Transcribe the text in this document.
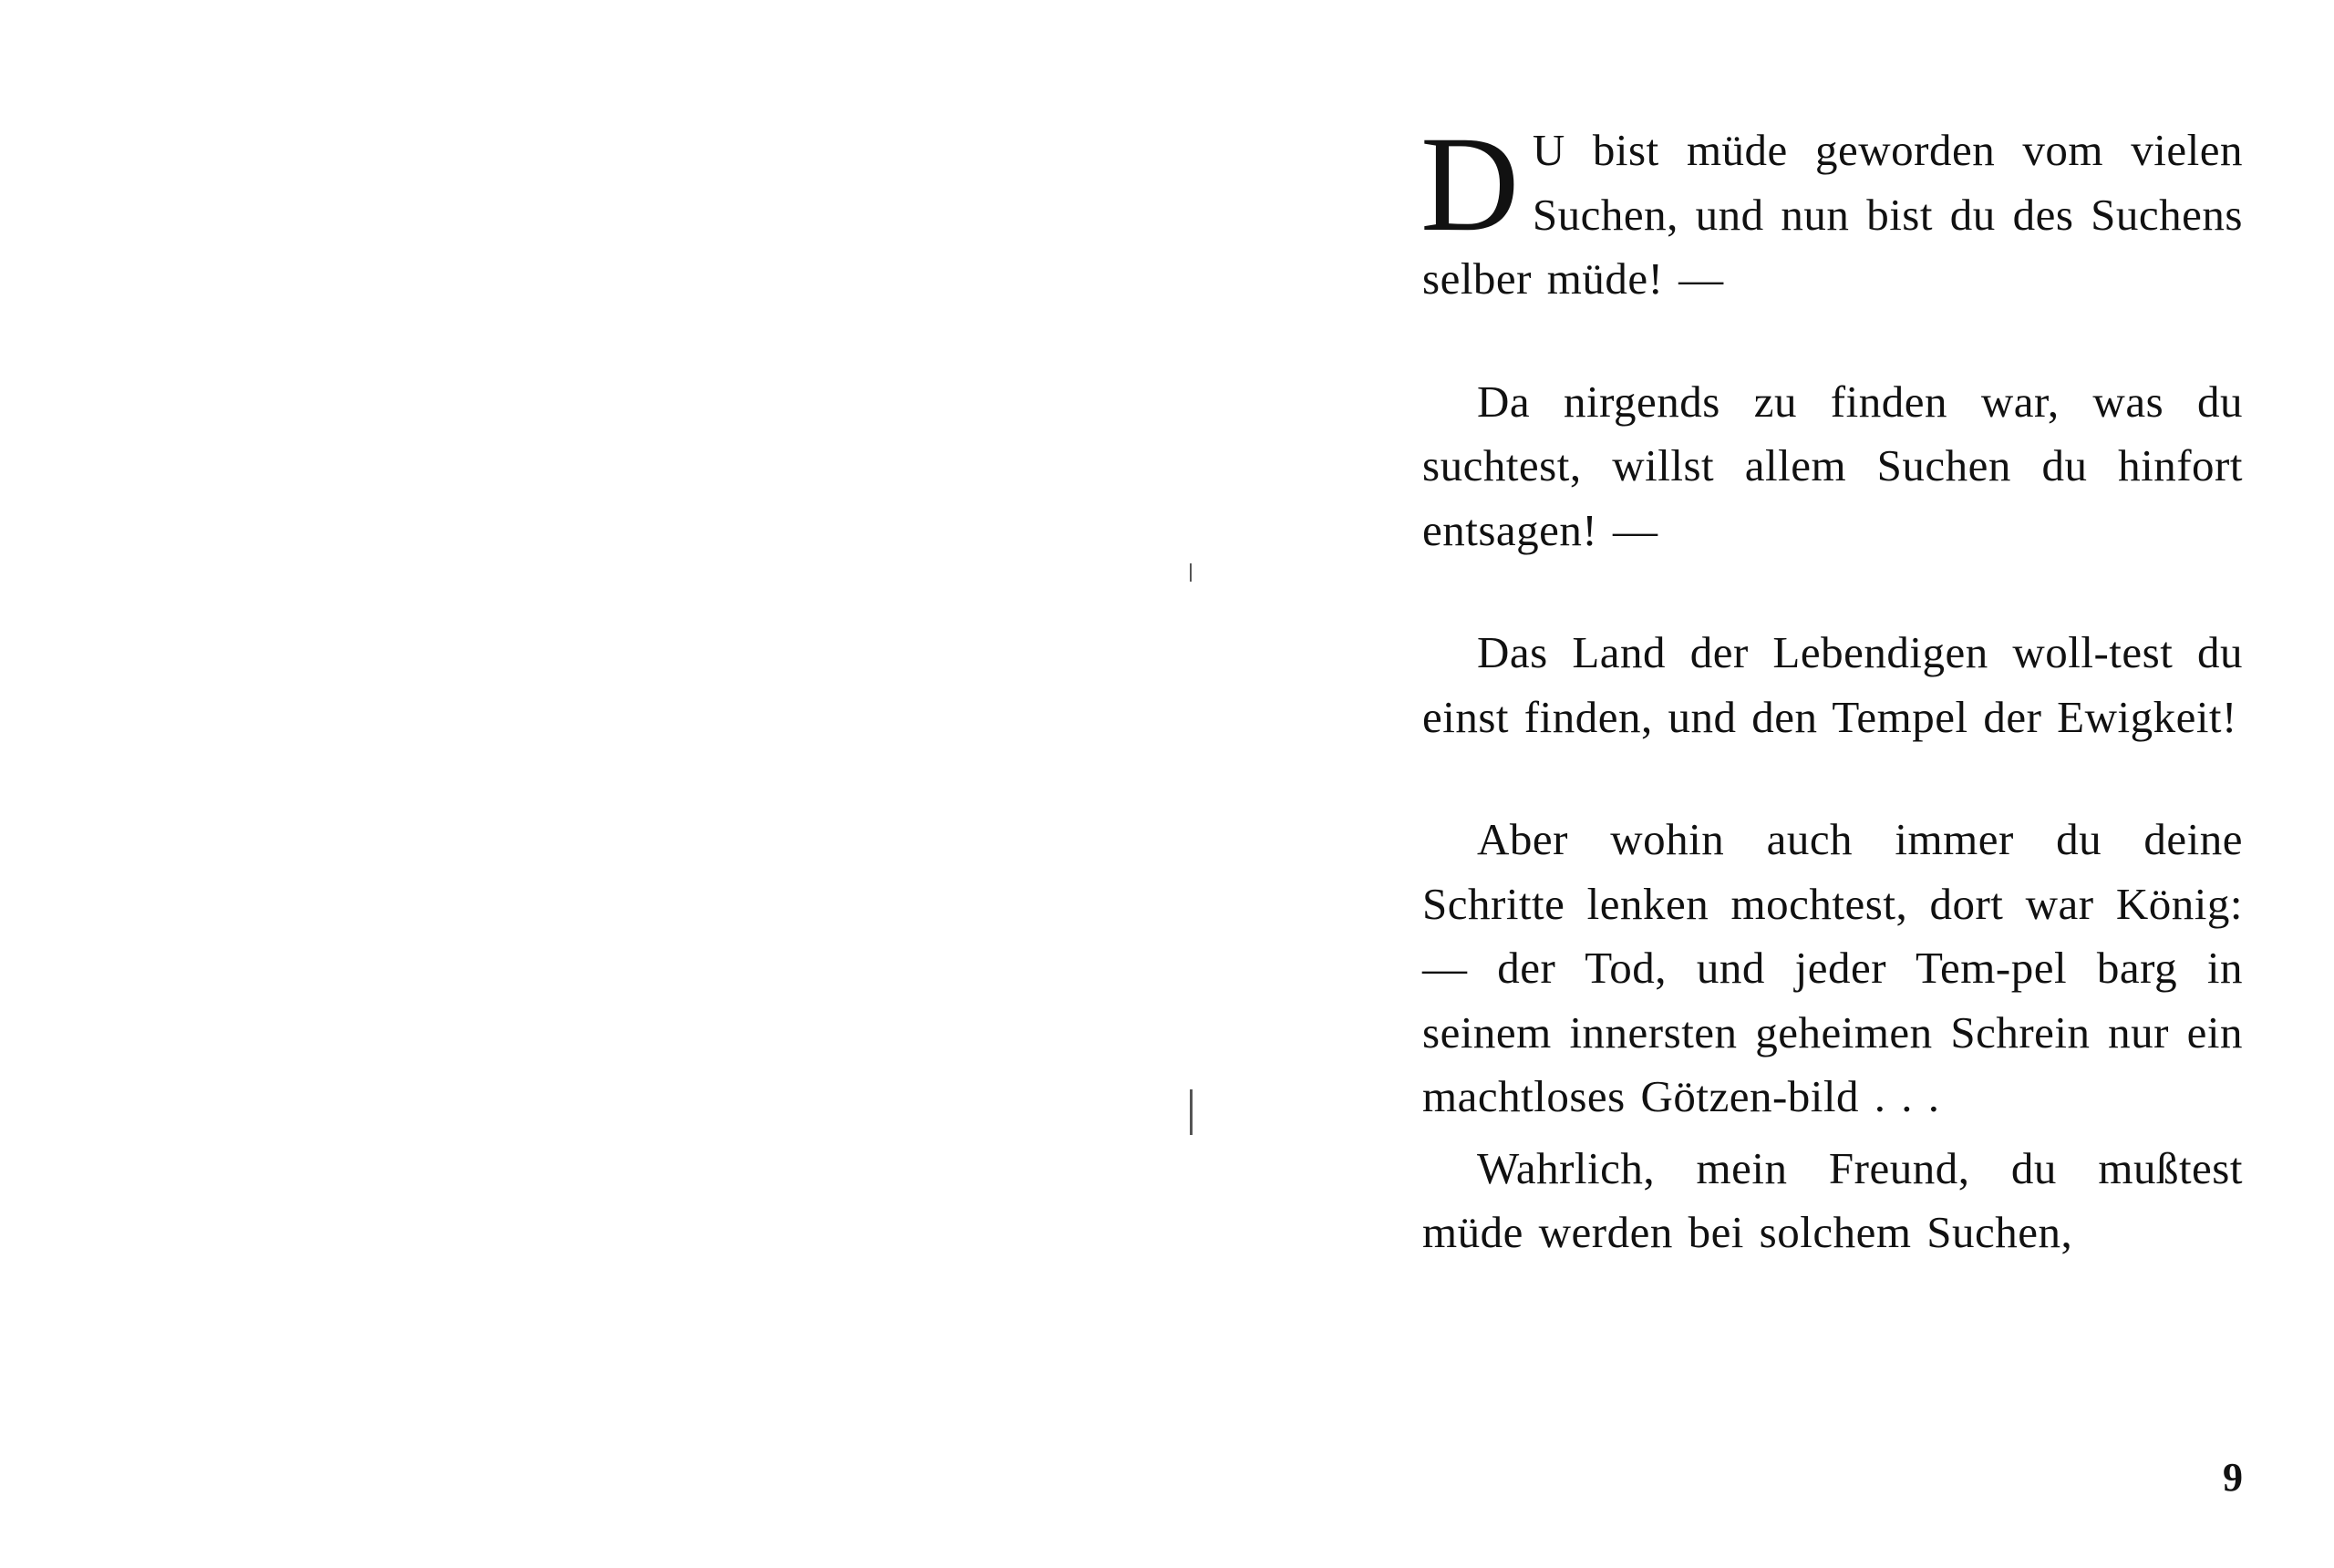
D U bist müde geworden vom vielen Suchen, und nun bist du des Suchens selber müde! —

Da nirgends zu finden war, was du suchtest, willst allem Suchen du hinfort entsagen! —

Das Land der Lebendigen woll-test du einst finden, und den Tempel der Ewigkeit!

Aber wohin auch immer du deine Schritte lenken mochtest, dort war König: — der Tod, und jeder Tem-pel barg in seinem innersten geheimen Schrein nur ein machtloses Götzen-bild . . .

Wahrlich, mein Freund, du mußtest müde werden bei solchem Suchen,

9
